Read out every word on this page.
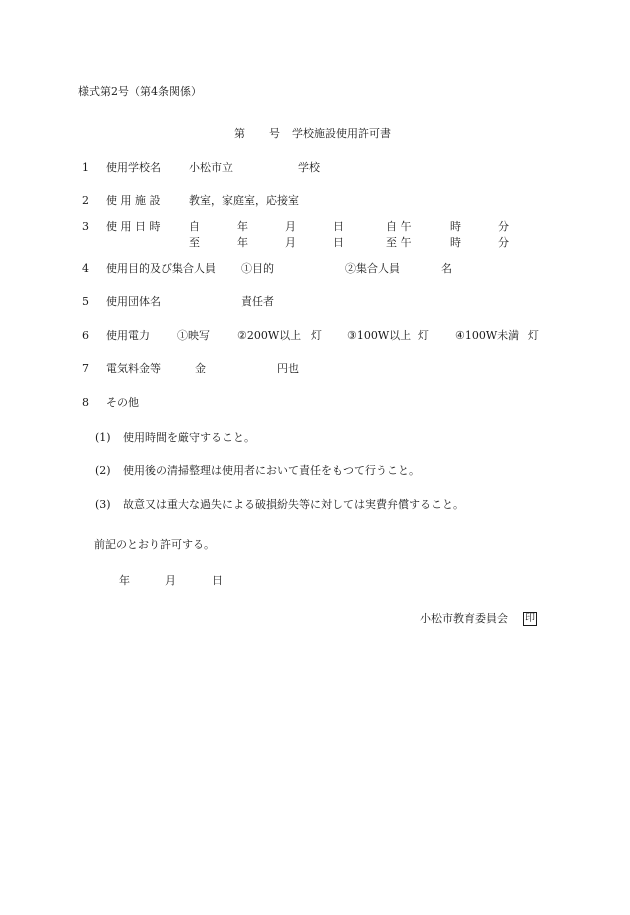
様式第2号（第4条関係）
第 号 学校施設使用許可書
1 使用学校名	小松市立	学校
2 使 用 施 設	教室，家庭室，応接室
3 使 用 日 時	自	年	月	日	自 午	時	分
至	年	月	日	至 午	時	分
4 使用目的及び集合人員 ①目的	②集合人員	名
5 使用団体名	責任者
6 使用電力 ①映写 ②200W以上 灯 ③100W以上 灯 ④100W未満 灯
7 電気料金等	金	円也
8 その他
(1) 使用時間を厳守すること。
(2) 使用後の清掃整理は使用者において責任をもつて行うこと。
(3) 故意又は重大な過失による破損紛失等に対しては実費弁償すること。
前記のとおり許可する。
年	月	日
小松市教育委員会 印
